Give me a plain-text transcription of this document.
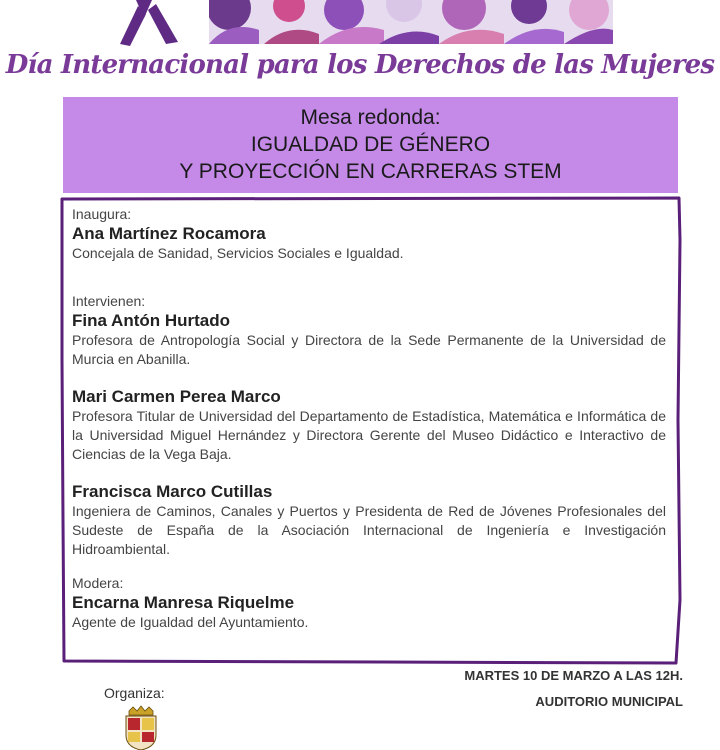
Día Internacional para los Derechos de las Mujeres
Mesa redonda:
IGUALDAD DE GÉNERO
Y PROYECCIÓN EN CARRERAS STEM
Inaugura:
Ana Martínez Rocamora
Concejala de Sanidad, Servicios Sociales e Igualdad.
Intervienen:
Fina Antón Hurtado
Profesora de Antropología Social y Directora de la Sede Permanente de la Universidad de Murcia en Abanilla.
Mari Carmen Perea Marco
Profesora Titular de Universidad del Departamento de Estadística, Matemática e Informática de la Universidad Miguel Hernández y Directora Gerente del Museo Didáctico e Interactivo de Ciencias de la Vega Baja.
Francisca Marco Cutillas
Ingeniera de Caminos, Canales y Puertos y Presidenta de Red de Jóvenes Profesionales del Sudeste de España de la Asociación Internacional de Ingeniería e Investigación Hidroambiental.
Modera:
Encarna Manresa Riquelme
Agente de Igualdad del Ayuntamiento.
MARTES 10 DE MARZO A LAS 12H.
AUDITORIO MUNICIPAL
Organiza:
